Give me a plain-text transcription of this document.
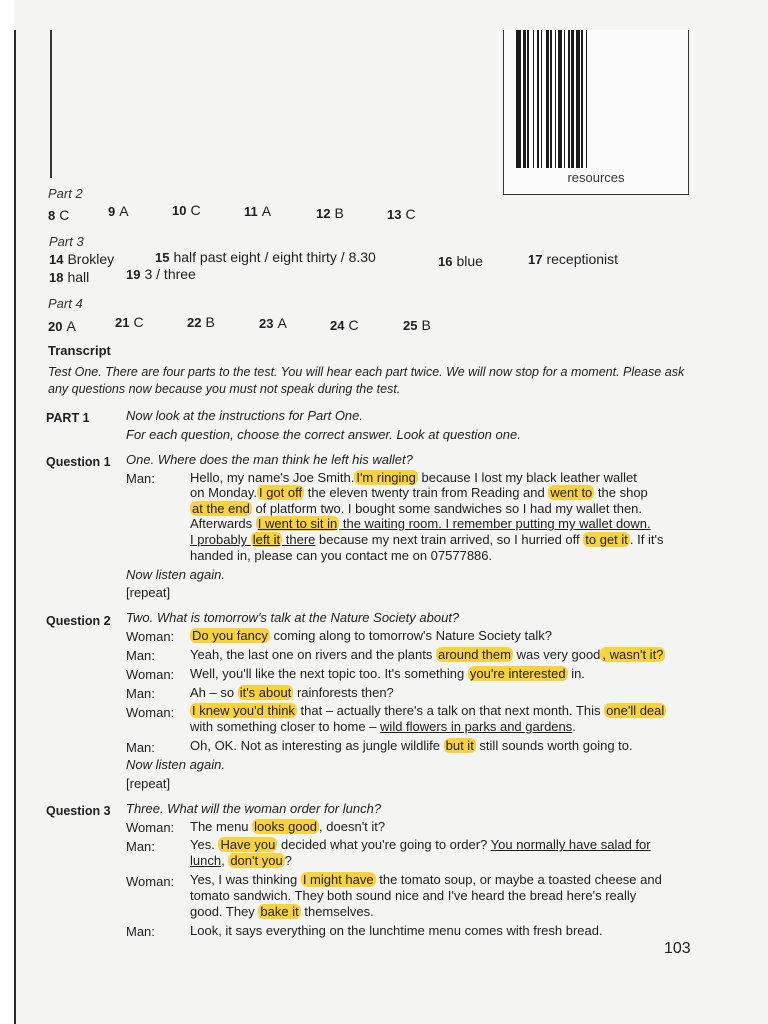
resources
Part 2
8 C	9 A	10 C	11 A	12 B	13 C
Part 3
14 Brokley	15 half past eight / eight thirty / 8.30	16 blue	17 receptionist
18 hall	19 3 / three
Part 4
20 A	21 C	22 B	23 A	24 C	25 B
Transcript
Test One. There are four parts to the test. You will hear each part twice. We will now stop for a moment. Please ask any questions now because you must not speak during the test.
PART 1	Now look at the instructions for Part One.
For each question, choose the correct answer. Look at question one.
Question 1 One. Where does the man think he left his wallet?
Man:	Hello, my name's Joe Smith. I'm ringing because I lost my black leather wallet
on Monday. I got off the eleven twenty train from Reading and went to the shop
at the end of platform two. I bought some sandwiches so I had my wallet then.
Afterwards I went to sit in the waiting room. I remember putting my wallet down.
I probably left it there because my next train arrived, so I hurried off to get it . If it's
handed in, please can you contact me on 07577886.
Now listen again.
[repeat]
Question 2 Two. What is tomorrow's talk at the Nature Society about?
Woman: Do you fancy coming along to tomorrow's Nature Society talk?
Man:	Yeah, the last one on rivers and the plants around them was very good , wasn't it?
Woman: Well, you'll like the next topic too. It's something you're interested in.
Man:	Ah – so it's about rainforests then?
Woman: I knew you'd think that – actually there's a talk on that next month. This one'll deal
with something closer to home – wild flowers in parks and gardens.
Man:	Oh, OK. Not as interesting as jungle wildlife but it still sounds worth going to.
Now listen again.
[repeat]
Question 3 Three. What will the woman order for lunch?
Woman: The menu looks good , doesn't it?
Man:	Yes. Have you decided what you're going to order? You normally have salad for
lunch, don't you ?
Woman: Yes, I was thinking I might have the tomato soup, or maybe a toasted cheese and
tomato sandwich. They both sound nice and I've heard the bread here's really
good. They bake it themselves.
Man:	Look, it says everything on the lunchtime menu comes with fresh bread.
103
